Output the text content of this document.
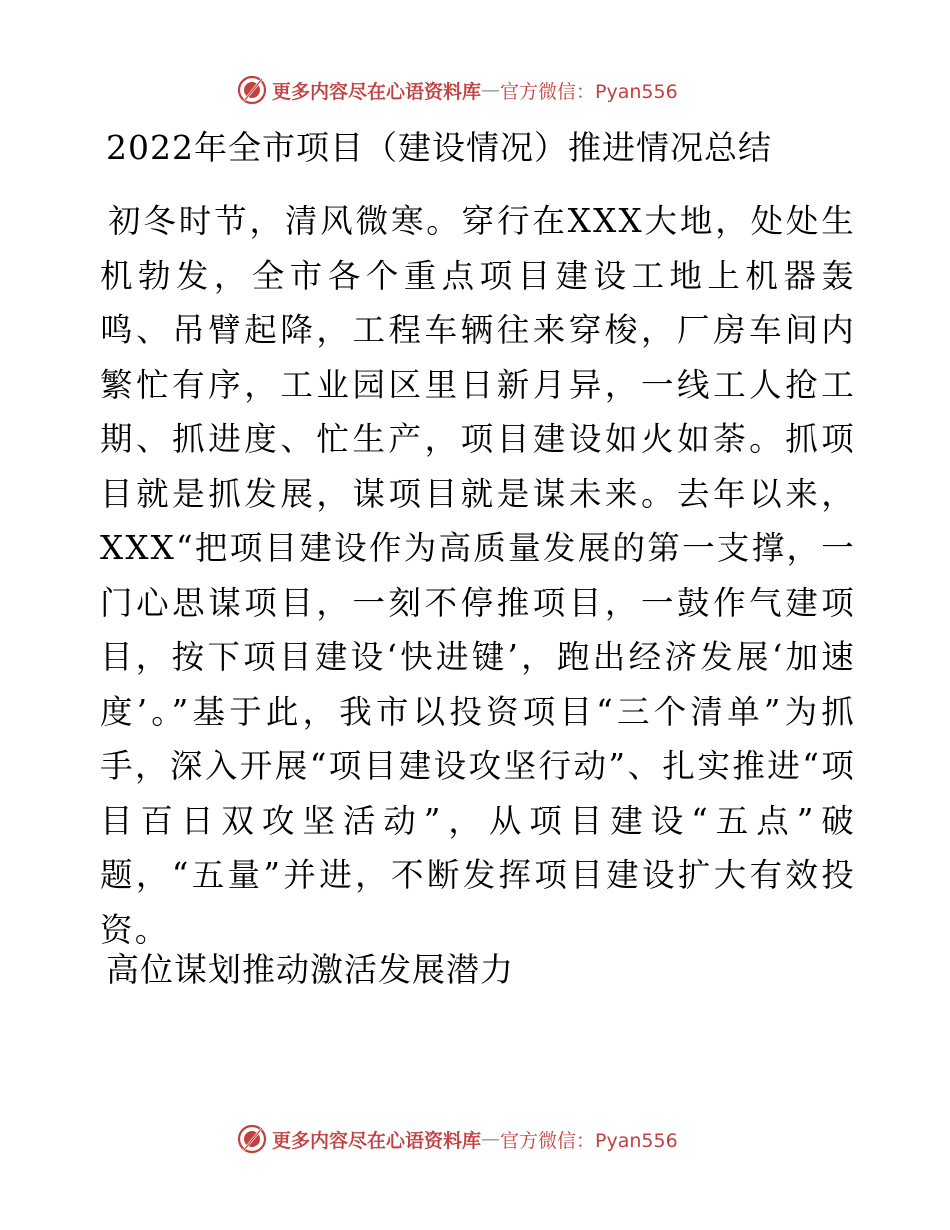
更多内容尽在心语资料库 — 官方微信：Pyan556
2022年全市项目（建设情况）推进情况总结

初冬时节，清风微寒。穿行在XXX大地，处处生机勃发，全市各个重点项目建设工地上机器轰鸣、吊臂起降，工程车辆往来穿梭，厂房车间内繁忙有序，工业园区里日新月异，一线工人抢工期、抓进度、忙生产，项目建设如火如荼。抓项目就是抓发展，谋项目就是谋未来。去年以来，XXX“把项目建设作为高质量发展的第一支撑，一门心思谋项目，一刻不停推项目，一鼓作气建项目，按下项目建设‘快进键’，跑出经济发展‘加速度’。”基于此，我市以投资项目“三个清单”为抓手，深入开展“项目建设攻坚行动”、扎实推进“项目百日双攻坚活动”，从项目建设“五点”破题，“五量”并进，不断发挥项目建设扩大有效投资。

高位谋划推动激活发展潜力
更多内容尽在心语资料库 — 官方微信：Pyan556
